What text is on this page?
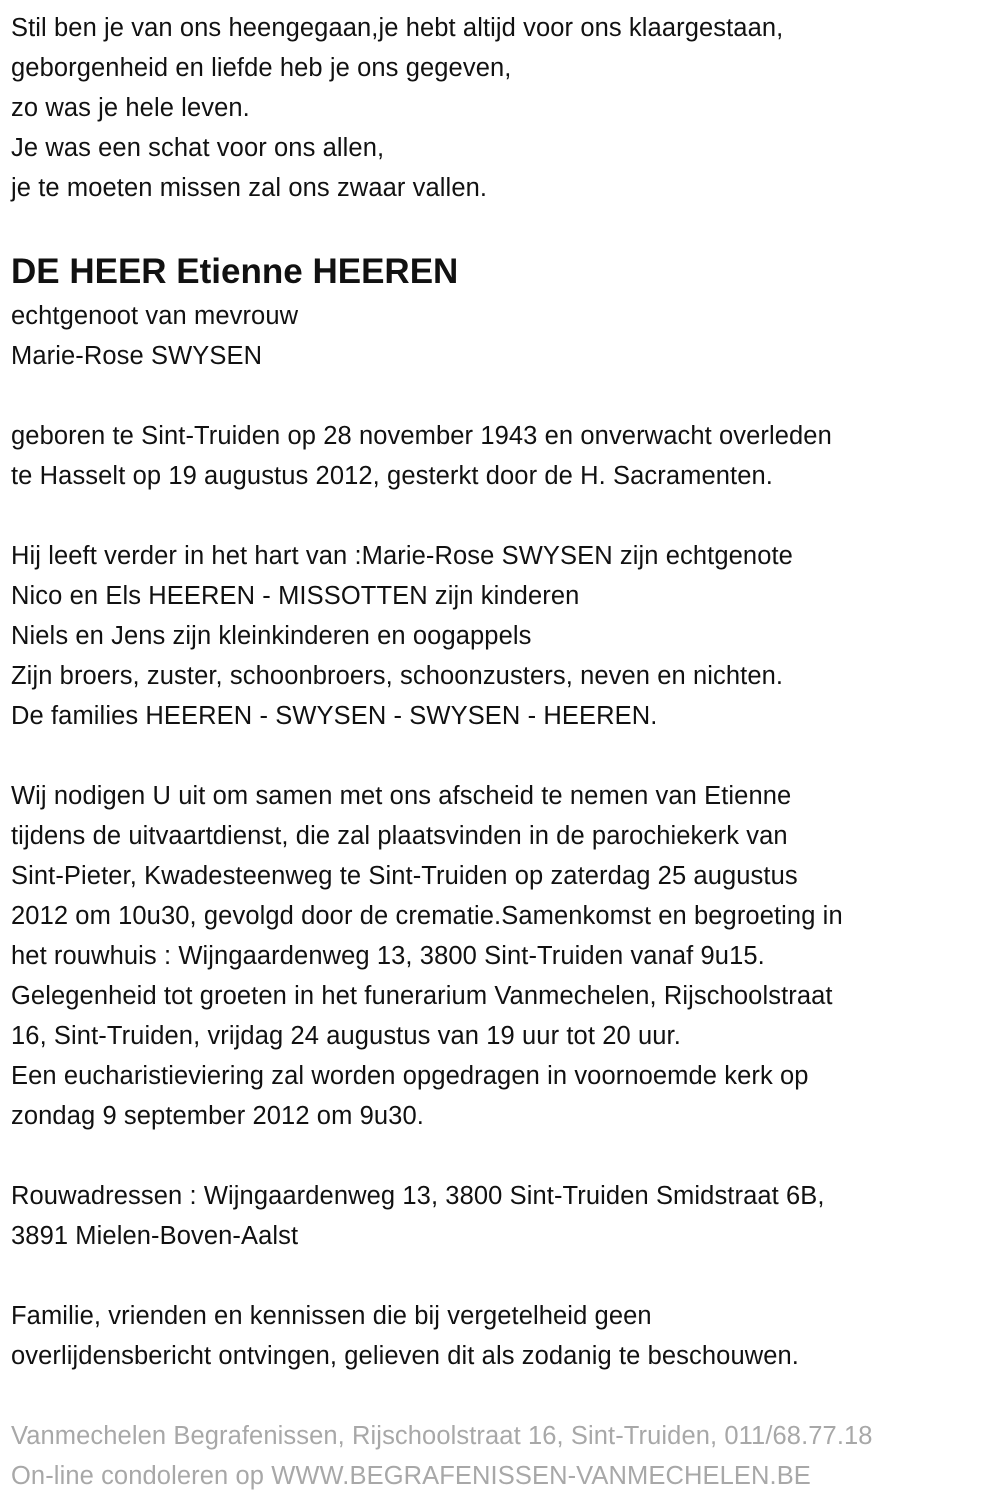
Stil ben je van ons heengegaan,je hebt altijd voor ons klaargestaan,
geborgenheid en liefde heb je ons gegeven,
zo was je hele leven.
Je was een schat voor ons allen,
je te moeten missen zal ons zwaar vallen.
DE HEER Etienne HEEREN
echtgenoot van mevrouw
Marie-Rose SWYSEN
geboren te Sint-Truiden op 28 november 1943 en onverwacht overleden
te Hasselt op 19 augustus 2012, gesterkt door de H. Sacramenten.
Hij leeft verder in het hart van :Marie-Rose SWYSEN zijn echtgenote
Nico en Els HEEREN - MISSOTTEN zijn kinderen
Niels en Jens zijn kleinkinderen en oogappels
Zijn broers, zuster, schoonbroers, schoonzusters, neven en nichten.
De families HEEREN - SWYSEN - SWYSEN - HEEREN.
Wij nodigen U uit om samen met ons afscheid te nemen van Etienne
tijdens de uitvaartdienst, die zal plaatsvinden in de parochiekerk van
Sint-Pieter, Kwadesteenweg te Sint-Truiden op zaterdag 25 augustus
2012 om 10u30, gevolgd door de crematie.Samenkomst en begroeting in
het rouwhuis : Wijngaardenweg 13, 3800 Sint-Truiden vanaf 9u15.
Gelegenheid tot groeten in het funerarium Vanmechelen, Rijschoolstraat
16, Sint-Truiden, vrijdag 24 augustus van 19 uur tot 20 uur.
Een eucharistieviering zal worden opgedragen in voornoemde kerk op
zondag 9 september 2012 om 9u30.
Rouwadressen : Wijngaardenweg 13, 3800 Sint-Truiden Smidstraat 6B,
3891 Mielen-Boven-Aalst
Familie, vrienden en kennissen die bij vergetelheid geen
overlijdensbericht ontvingen, gelieven dit als zodanig te beschouwen.
Vanmechelen Begrafenissen, Rijschoolstraat 16, Sint-Truiden, 011/68.77.18
On-line condoleren op WWW.BEGRAFENISSEN-VANMECHELEN.BE
